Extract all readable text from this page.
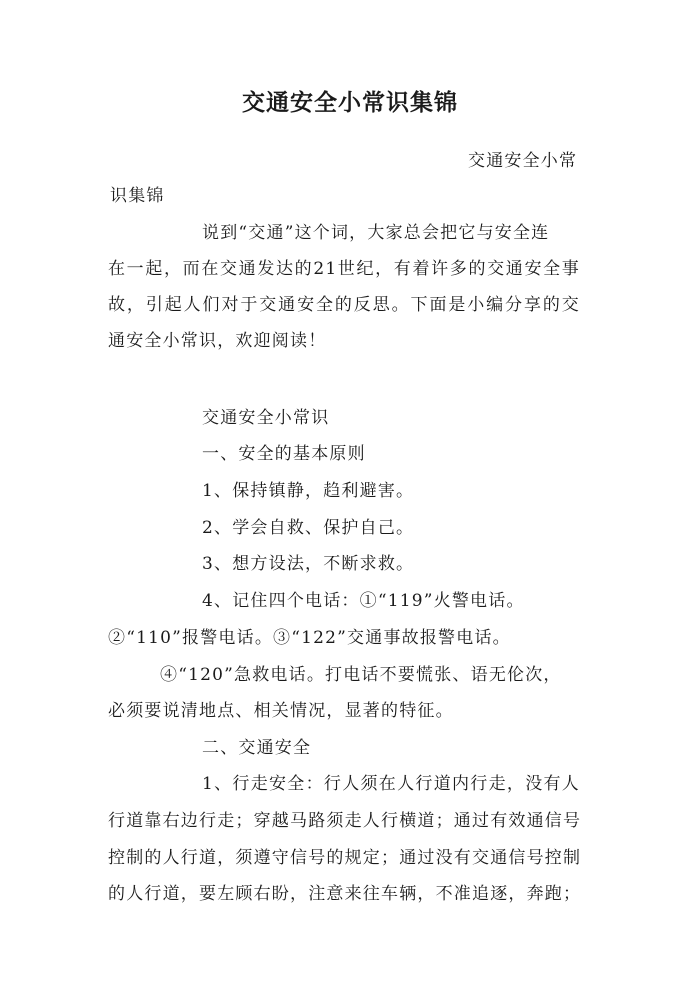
交通安全小常识集锦
交通安全小常
识集锦
说到“交通”这个词，大家总会把它与安全连
在一起，而在交通发达的21世纪，有着许多的交通安全事
故，引起人们对于交通安全的反思。下面是小编分享的交
通安全小常识，欢迎阅读！
交通安全小常识
一、安全的基本原则
1、保持镇静，趋利避害。
2、学会自救、保护自己。
3、想方设法，不断求救。
4、记住四个电话：①“119”火警电话。
②“110”报警电话。③“122”交通事故报警电话。
④“120”急救电话。打电话不要慌张、语无伦次，
必须要说清地点、相关情况，显著的特征。
二、交通安全
1、行走安全：行人须在人行道内行走，没有人
行道靠右边行走；穿越马路须走人行横道；通过有效通信号
控制的人行道，须遵守信号的规定；通过没有交通信号控制
的人行道，要左顾右盼，注意来往车辆，不准追逐，奔跑；
